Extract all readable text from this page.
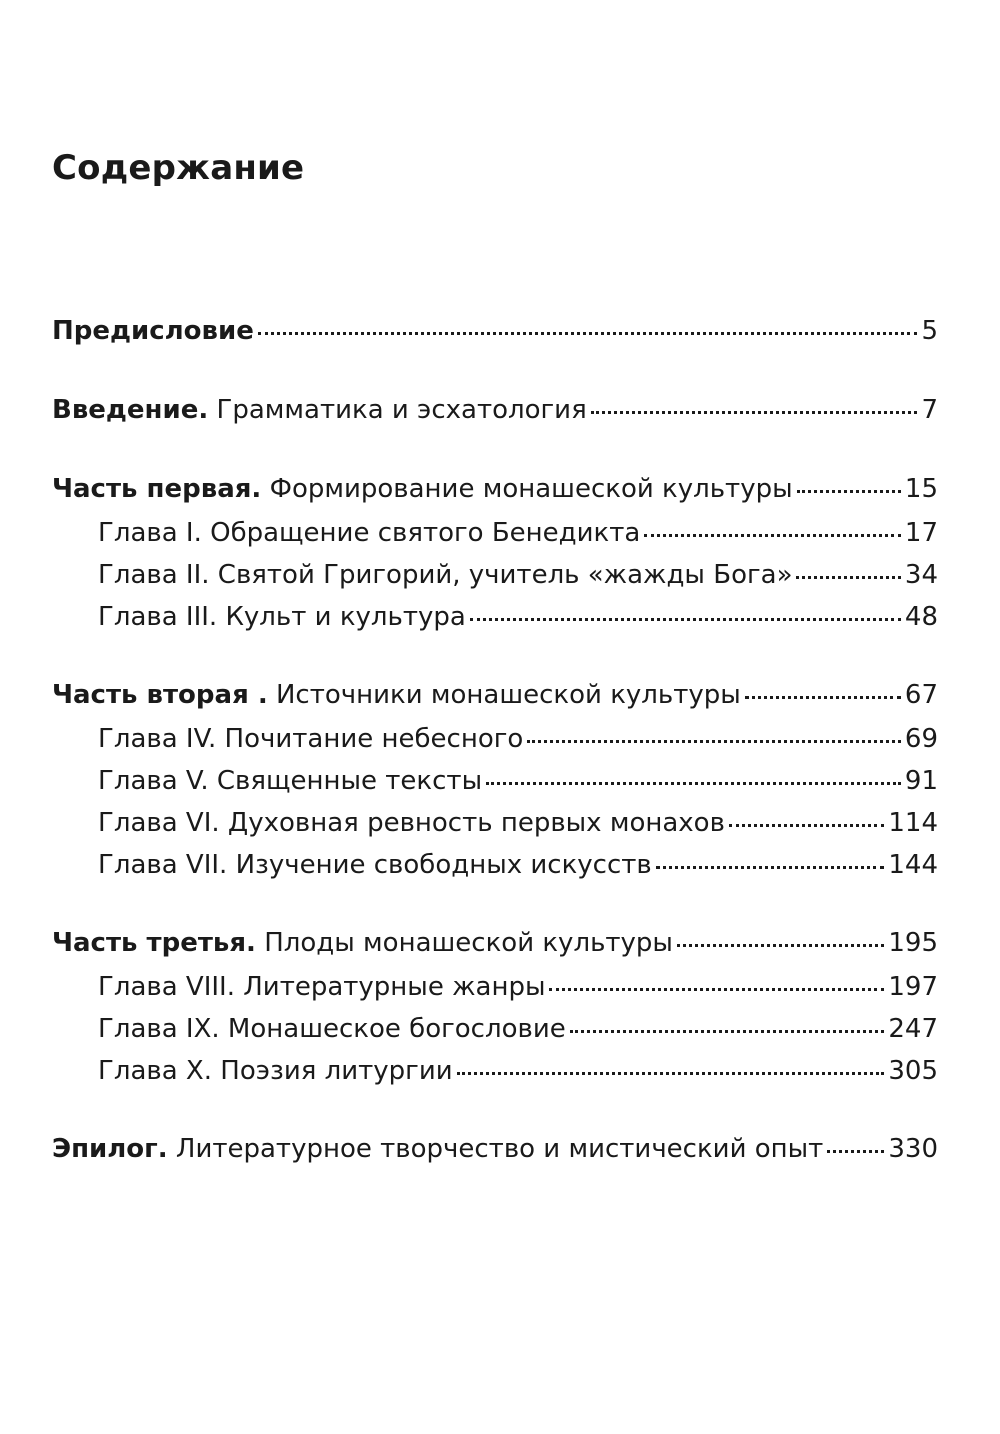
Содержание
Предисловие	5
Введение. Грамматика и эсхатология	7
Часть первая. Формирование монашеской культуры	15
Глава I. Обращение святого Бенедикта	17
Глава II. Святой Григорий, учитель «жажды Бога»	34
Глава III. Культ и культура	48
Часть вторая . Источники монашеской культуры	67
Глава IV. Почитание небесного	69
Глава V. Священные тексты	91
Глава VI. Духовная ревность первых монахов	114
Глава VII. Изучение свободных искусств	144
Часть третья. Плоды монашеской культуры	195
Глава VIII. Литературные жанры	197
Глава IX. Монашеское богословие	247
Глава X. Поэзия литургии	305
Эпилог. Литературное творчество и мистический опыт	330
